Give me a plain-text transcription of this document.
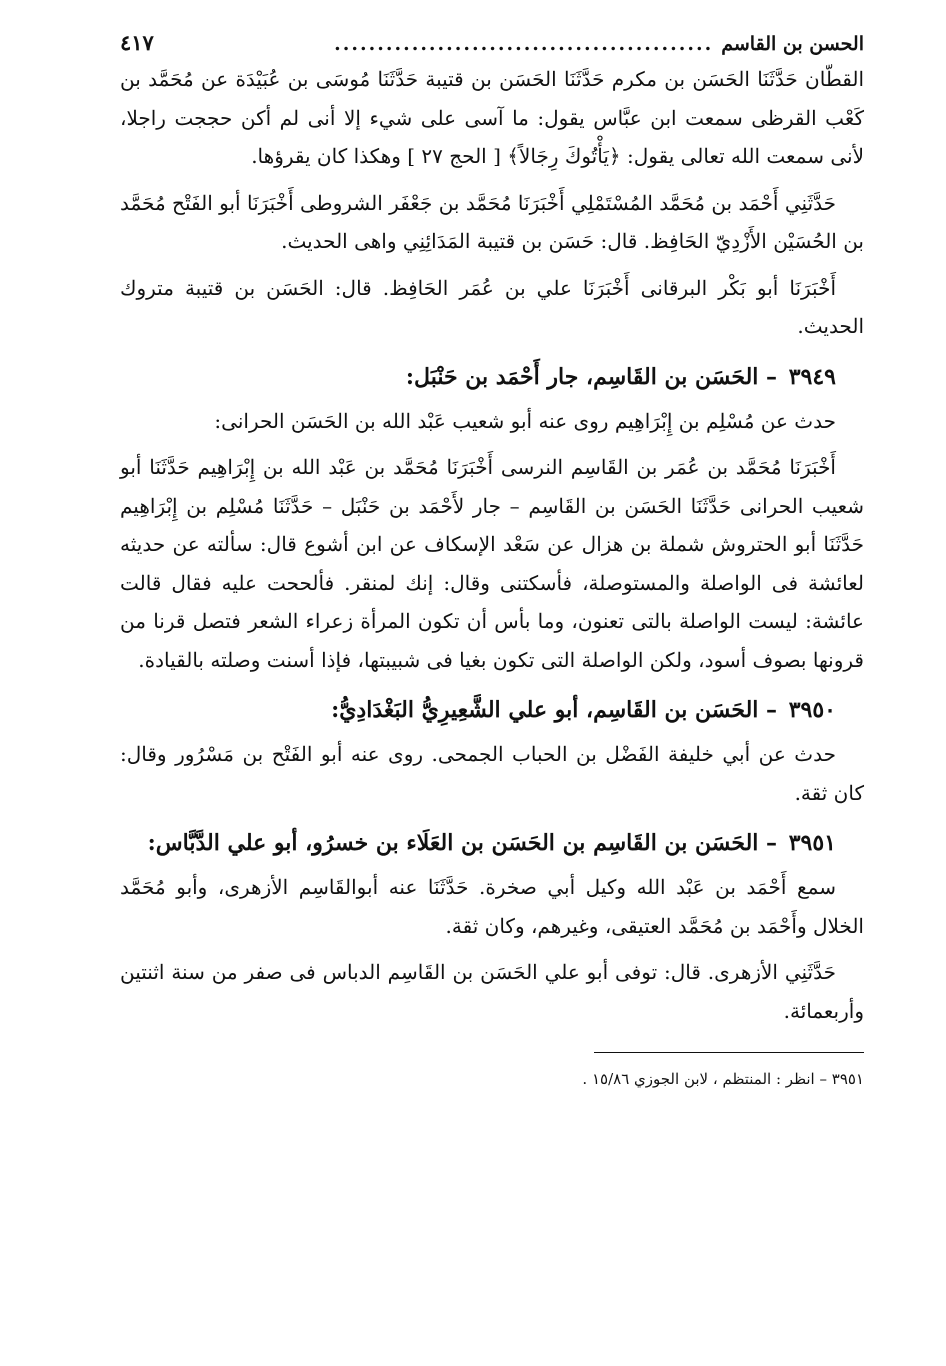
الحسن بن القاسم
............................................
٤١٧

القطّان حَدَّثَنَا الحَسَن بن مكرم حَدَّثَنَا الحَسَن بن قتيبة حَدَّثَنَا مُوسَى بن عُبَيْدَة عن مُحَمَّد بن كَعْب القرظى سمعت ابن عبَّاس يقول: ما آسى على شيء إلا أنى لم أكن حججت راجلا، لأنى سمعت الله تعالى يقول: ﴿يَأْتُوكَ رِجَالاً﴾ [ الحج ٢٧ ] وهكذا كان يقرؤها.

حَدَّثَنِي أَحْمَد بن مُحَمَّد المُسْتَمْلِي أَخْبَرَنَا مُحَمَّد بن جَعْفَر الشروطى أَخْبَرَنَا أبو الفَتْح مُحَمَّد بن الحُسَيْن الأَزْدِيّ الحَافِظ. قال: حَسَن بن قتيبة المَدَائِنِي واهى الحديث.

أَخْبَرَنَا أبو بَكْر البرقانى أَخْبَرَنَا علي بن عُمَر الحَافِظ. قال: الحَسَن بن قتيبة متروك الحديث.

٣٩٤٩ – الحَسَن بن القَاسِم، جار أَحْمَد بن حَنْبَل:

حدث عن مُسْلِم بن إِبْرَاهِيم روى عنه أبو شعيب عَبْد الله بن الحَسَن الحرانى:

أَخْبَرَنَا مُحَمَّد بن عُمَر بن القَاسِم النرسى أَخْبَرَنَا مُحَمَّد بن عَبْد الله بن إِبْرَاهِيم حَدَّثَنَا أبو شعيب الحرانى حَدَّثَنَا الحَسَن بن القَاسِم – جار لأَحْمَد بن حَنْبَل – حَدَّثَنَا مُسْلِم بن إِبْرَاهِيم حَدَّثَنَا أبو الحتروش شملة بن هزال عن سَعْد الإسكاف عن ابن أشوع قال: سألته عن حديثه لعائشة فى الواصلة والمستوصلة، فأسكتنى وقال: إنك لمنقر. فألححت عليه فقال قالت عائشة: ليست الواصلة بالتى تعنون، وما بأس أن تكون المرأة زعراء الشعر فتصل قرنا من قرونها بصوف أسود، ولكن الواصلة التى تكون بغيا فى شبيبتها، فإذا أسنت وصلته بالقيادة.

٣٩٥٠ – الحَسَن بن القَاسِم، أبو علي الشَّعِيرِيُّ البَغْدَادِيُّ:

حدث عن أبي خليفة الفَضْل بن الحباب الجمحى. روى عنه أبو الفَتْح بن مَسْرُور وقال: كان ثقة.

٣٩٥١ – الحَسَن بن القَاسِم بن الحَسَن بن العَلَاء بن خسرُو، أبو علي الدَّبَّاس:

سمع أَحْمَد بن عَبْد الله وكيل أبي صخرة. حَدَّثَنَا عنه أبوالقَاسِم الأزهرى، وأبو مُحَمَّد الخلال وأَحْمَد بن مُحَمَّد العتيقى، وغيرهم، وكان ثقة.

حَدَّثَنِي الأزهرى. قال: توفى أبو علي الحَسَن بن القَاسِم الدباس فى صفر من سنة اثنتين وأربعمائة.

٣٩٥١ – انظر : المنتظم ، لابن الجوزي ١٥/٨٦ .
